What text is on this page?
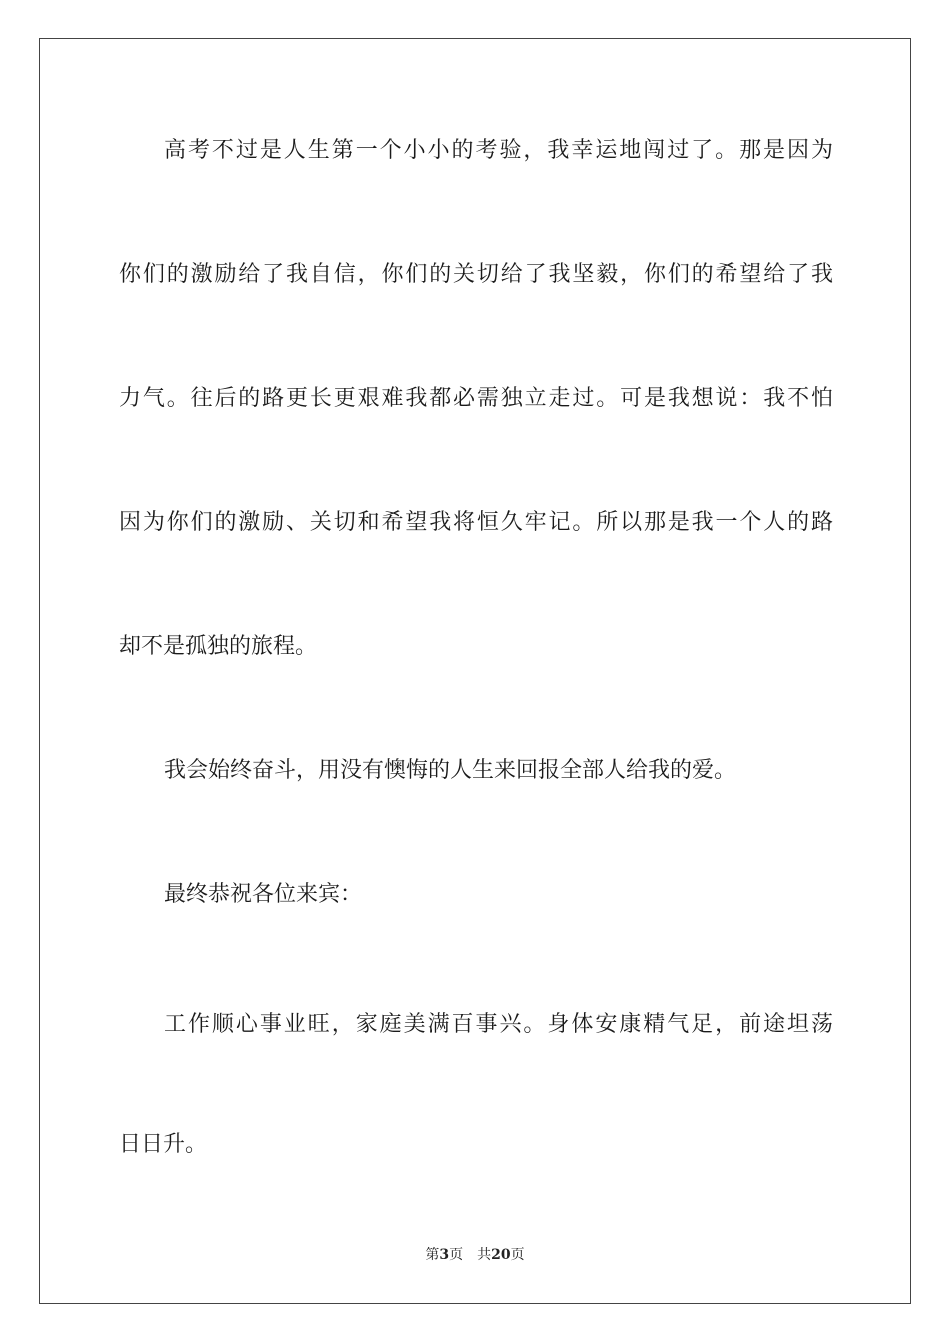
高考不过是人生第一个小小的考验，我幸运地闯过了。那是因为
你们的激励给了我自信，你们的关切给了我坚毅，你们的希望给了我
力气。往后的路更长更艰难我都必需独立走过。可是我想说：我不怕
因为你们的激励、关切和希望我将恒久牢记。所以那是我一个人的路
却不是孤独的旅程。
我会始终奋斗，用没有懊悔的人生来回报全部人给我的爱。
最终恭祝各位来宾：
工作顺心事业旺，家庭美满百事兴。身体安康精气足，前途坦荡
日日升。
第3页 共20页
